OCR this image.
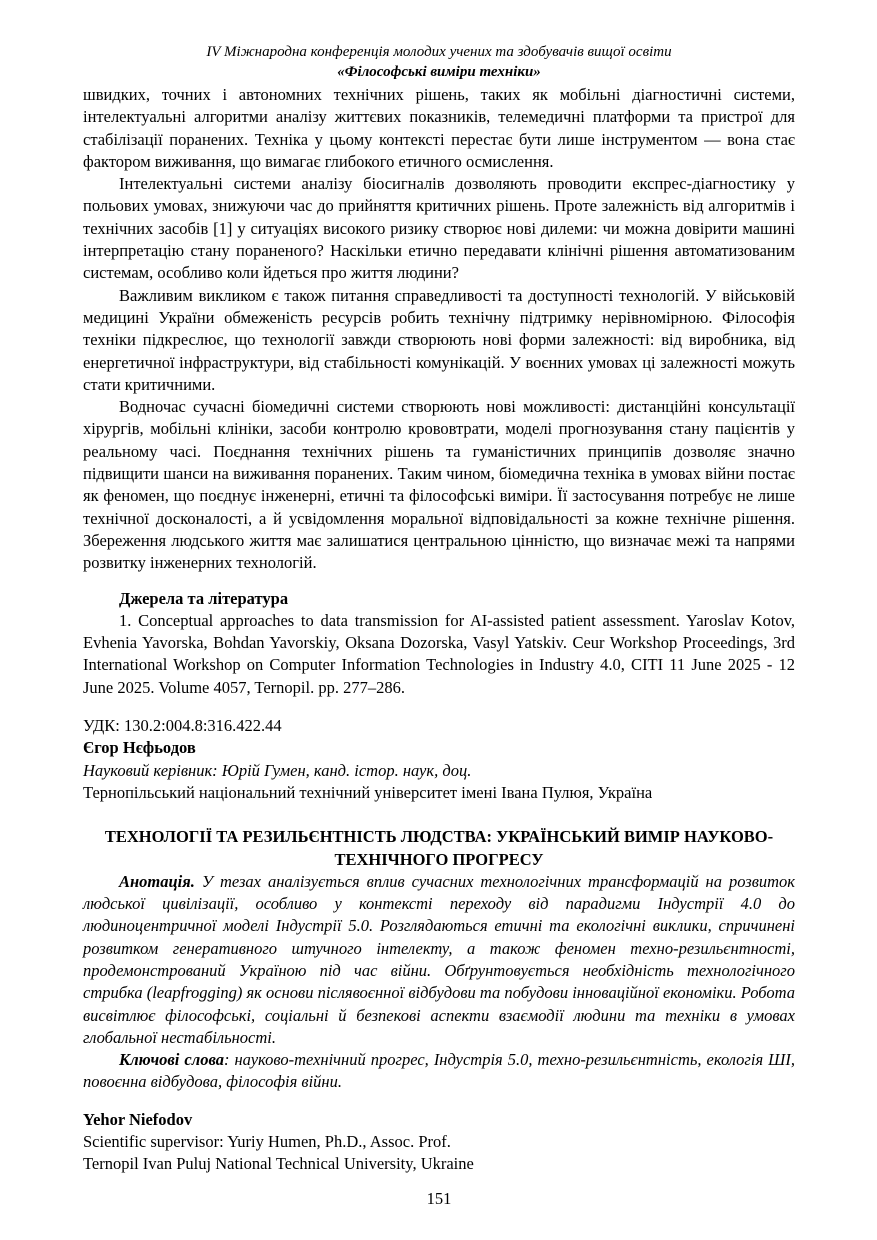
IV Міжнародна конференція молодих учених та здобувачів вищої освіти
«Філософські виміри техніки»

швидких, точних і автономних технічних рішень, таких як мобільні діагностичні системи, інтелектуальні алгоритми аналізу життєвих показників, телемедичні платформи та пристрої для стабілізації поранених. Техніка у цьому контексті перестає бути лише інструментом — вона стає фактором виживання, що вимагає глибокого етичного осмислення.

Інтелектуальні системи аналізу біосигналів дозволяють проводити експрес-діагностику у польових умовах, знижуючи час до прийняття критичних рішень. Проте залежність від алгоритмів і технічних засобів [1] у ситуаціях високого ризику створює нові дилеми: чи можна довірити машині інтерпретацію стану пораненого? Наскільки етично передавати клінічні рішення автоматизованим системам, особливо коли йдеться про життя людини?

Важливим викликом є також питання справедливості та доступності технологій. У військовій медицині України обмеженість ресурсів робить технічну підтримку нерівномірною. Філософія техніки підкреслює, що технології завжди створюють нові форми залежності: від виробника, від енергетичної інфраструктури, від стабільності комунікацій. У воєнних умовах ці залежності можуть стати критичними.

Водночас сучасні біомедичні системи створюють нові можливості: дистанційні консультації хірургів, мобільні клініки, засоби контролю крововтрати, моделі прогнозування стану пацієнтів у реальному часі. Поєднання технічних рішень та гуманістичних принципів дозволяє значно підвищити шанси на виживання поранених. Таким чином, біомедична техніка в умовах війни постає як феномен, що поєднує інженерні, етичні та філософські виміри. Її застосування потребує не лише технічної досконалості, а й усвідомлення моральної відповідальності за кожне технічне рішення. Збереження людського життя має залишатися центральною цінністю, що визначає межі та напрями розвитку інженерних технологій.

Джерела та література

1. Conceptual approaches to data transmission for AI-assisted patient assessment. Yaroslav Kotov, Evhenia Yavorska, Bohdan Yavorskiy, Oksana Dozorska, Vasyl Yatskiv. Ceur Workshop Proceedings, 3rd International Workshop on Computer Information Technologies in Industry 4.0, CITI 11 June 2025 - 12 June 2025. Volume 4057, Ternopil. pp. 277–286.

УДК: 130.2:004.8:316.422.44

Єгор Нєфьодов

Науковий керівник: Юрій Гумен, канд. істор. наук, доц.

Тернопільський національний технічний університет імені Івана Пулюя, Україна

ТЕХНОЛОГІЇ ТА РЕЗИЛЬЄНТНІСТЬ ЛЮДСТВА: УКРАЇНСЬКИЙ ВИМІР НАУКОВО-ТЕХНІЧНОГО ПРОГРЕСУ

Анотація. У тезах аналізується вплив сучасних технологічних трансформацій на розвиток людської цивілізації, особливо у контексті переходу від парадигми Індустрії 4.0 до людиноцентричної моделі Індустрії 5.0. Розглядаються етичні та екологічні виклики, спричинені розвитком генеративного штучного інтелекту, а також феномен техно-резильєнтності, продемонстрований Україною під час війни. Обґрунтовується необхідність технологічного стрибка (leapfrogging) як основи післявоєнної відбудови та побудови інноваційної економіки. Робота висвітлює філософські, соціальні й безпекові аспекти взаємодії людини та техніки в умовах глобальної нестабільності.

Ключові слова: науково-технічний прогрес, Індустрія 5.0, техно-резильєнтність, екологія ШІ, повоєнна відбудова, філософія війни.

Yehor Niefodov

Scientific supervisor: Yuriy Humen, Ph.D., Assoc. Prof.

Ternopil Ivan Puluj National Technical University, Ukraine

151
